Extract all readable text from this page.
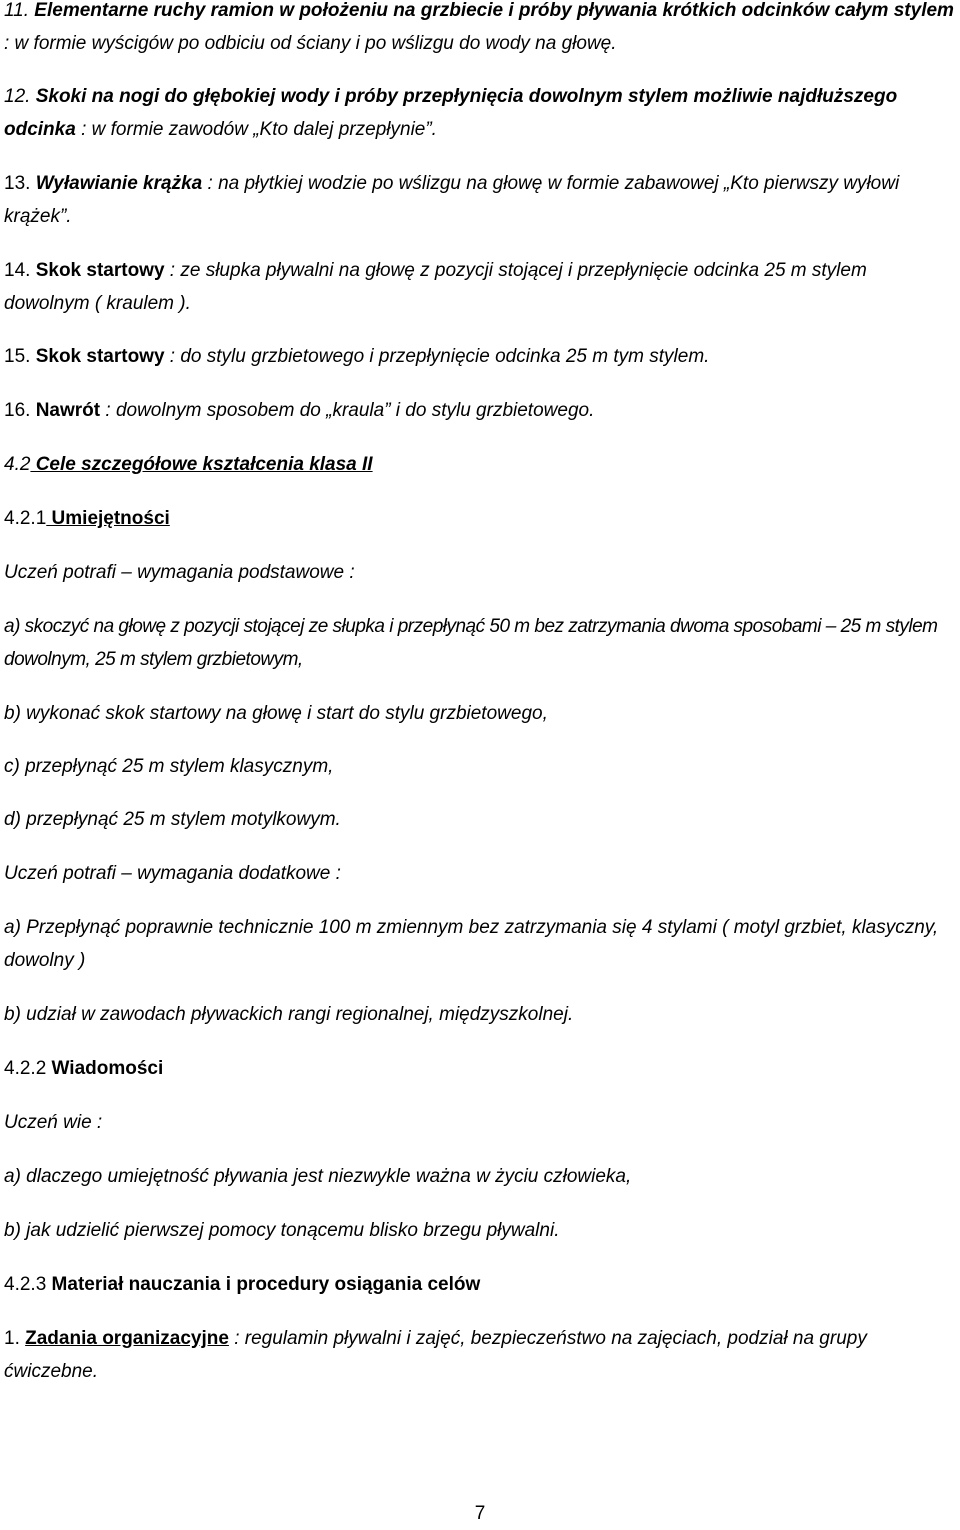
11. Elementarne ruchy ramion w położeniu na grzbiecie i próby pływania krótkich odcinków całym stylem : w formie wyścigów po odbiciu od ściany i po wślizgu do wody na głowę.

12. Skoki na nogi do głębokiej wody i próby przepłynięcia dowolnym stylem możliwie najdłuższego odcinka : w formie zawodów „Kto dalej przepłynie”.

13. Wyławianie krążka : na płytkiej wodzie po wślizgu na głowę w formie zabawowej „Kto pierwszy wyłowi krążek”.

14. Skok startowy : ze słupka pływalni na głowę z pozycji stojącej i przepłynięcie odcinka 25 m stylem dowolnym ( kraulem ).

15. Skok startowy : do stylu grzbietowego i przepłynięcie odcinka 25 m tym stylem.

16. Nawrót : dowolnym sposobem do „kraula” i do stylu grzbietowego.

4.2 Cele szczegółowe kształcenia klasa II

4.2.1 Umiejętności

Uczeń potrafi – wymagania podstawowe :

a) skoczyć na głowę z pozycji stojącej ze słupka i przepłynąć 50 m bez zatrzymania dwoma sposobami – 25 m stylem dowolnym, 25 m stylem grzbietowym,

b) wykonać skok startowy na głowę i start do stylu grzbietowego,

c) przepłynąć 25 m stylem klasycznym,

d) przepłynąć 25 m stylem motylkowym.

Uczeń potrafi – wymagania dodatkowe :

a) Przepłynąć poprawnie technicznie 100 m zmiennym bez zatrzymania się 4 stylami ( motyl grzbiet, klasyczny, dowolny )

b) udział w zawodach pływackich rangi regionalnej, międzyszkolnej.

4.2.2 Wiadomości

Uczeń wie :

a) dlaczego umiejętność pływania jest niezwykle ważna w życiu człowieka,

b) jak udzielić pierwszej pomocy tonącemu blisko brzegu pływalni.

4.2.3 Materiał nauczania i procedury osiągania celów

1. Zadania organizacyjne : regulamin pływalni i zajęć, bezpieczeństwo na zajęciach, podział na grupy ćwiczebne.

7
